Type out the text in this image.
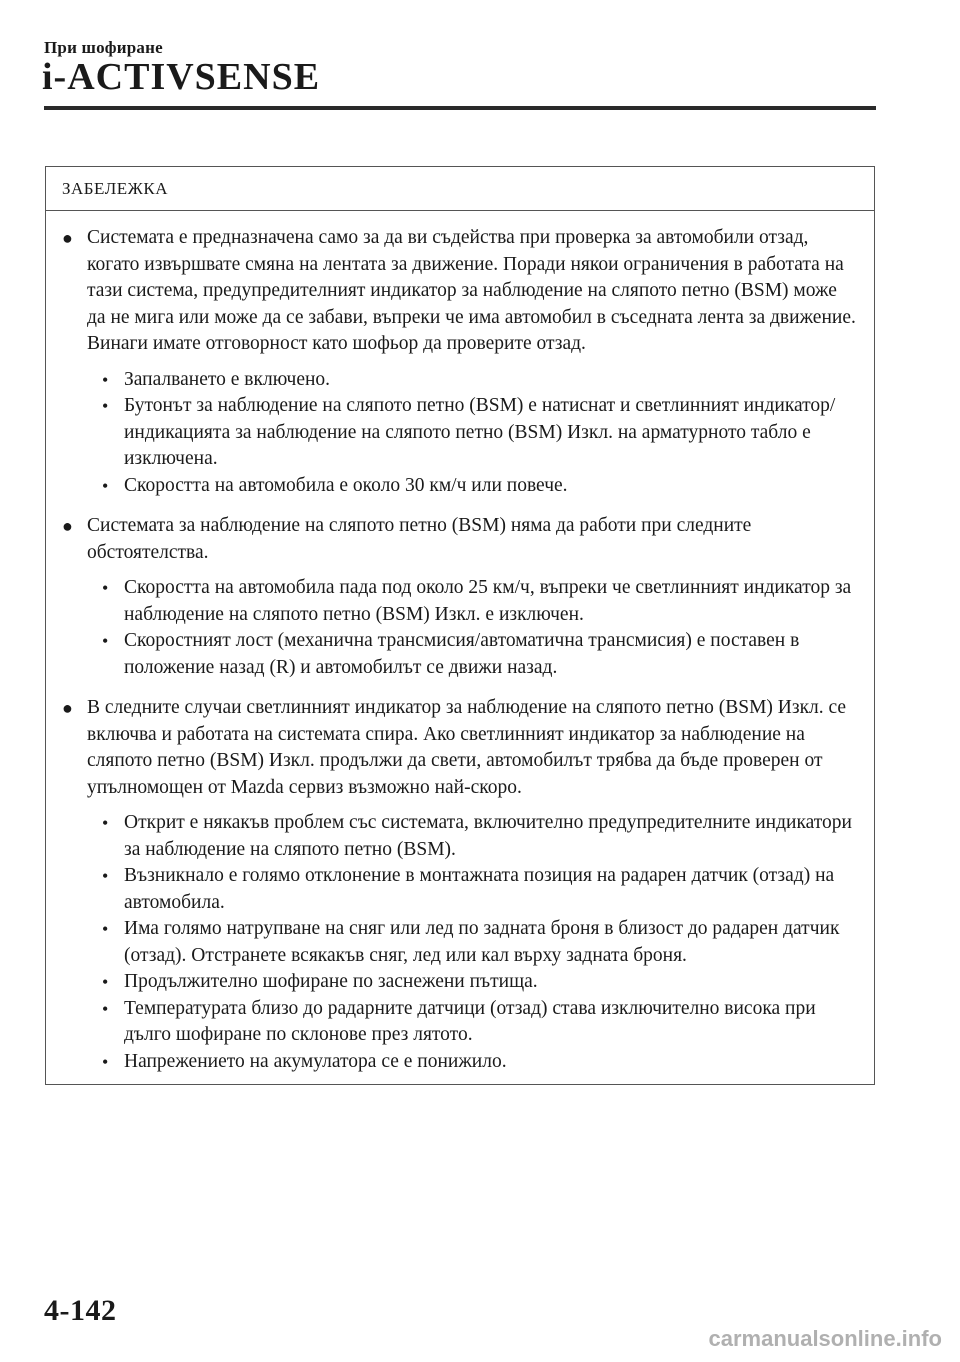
При шофиране
i-ACTIVSENSE
ЗАБЕЛЕЖКА
● Системата е предназначена само за да ви съдейства при проверка за автомобили отзад, когато извършвате смяна на лентата за движение. Поради някои ограничения в работата на тази система, предупредителният индикатор за наблюдение на сляпото петно (BSM) може да не мига или може да се забави, въпреки че има автомобил в съседната лента за движение. Винаги имате отговорност като шофьор да проверите отзад.
• Запалването е включено.
• Бутонът за наблюдение на сляпото петно (BSM) е натиснат и светлинният индикатор/индикацията за наблюдение на сляпото петно (BSM) Изкл. на арматурното табло е изключена.
• Скоростта на автомобила е около 30 км/ч или повече.
● Системата за наблюдение на сляпото петно (BSM) няма да работи при следните обстоятелства.
• Скоростта на автомобила пада под около 25 км/ч, въпреки че светлинният индикатор за наблюдение на сляпото петно (BSM) Изкл. е изключен.
• Скоростният лост (механична трансмисия/автоматична трансмисия) е поставен в положение назад (R) и автомобилът се движи назад.
● В следните случаи светлинният индикатор за наблюдение на сляпото петно (BSM) Изкл. се включва и работата на системата спира. Ако светлинният индикатор за наблюдение на сляпото петно (BSM) Изкл. продължи да свети, автомобилът трябва да бъде проверен от упълномощен от Mazda сервиз възможно най-скоро.
• Открит е някакъв проблем със системата, включително предупредителните индикатори за наблюдение на сляпото петно (BSM).
• Възникнало е голямо отклонение в монтажната позиция на радарен датчик (отзад) на автомобила.
• Има голямо натрупване на сняг или лед по задната броня в близост до радарен датчик (отзад). Отстранете всякакъв сняг, лед или кал върху задната броня.
• Продължително шофиране по заснежени пътища.
• Температурата близо до радарните датчици (отзад) става изключително висока при дълго шофиране по склонове през лятото.
• Напрежението на акумулатора се е понижило.
4-142
carmanualsonline.info
